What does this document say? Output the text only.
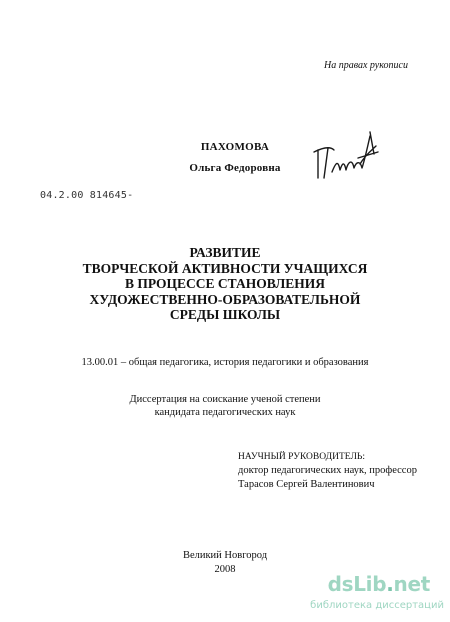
На правах рукописи
ПАХОМОВА
Ольга Федоровна
04.2.00 814645-
РАЗВИТИЕ
ТВОРЧЕСКОЙ АКТИВНОСТИ УЧАЩИХСЯ
В ПРОЦЕССЕ СТАНОВЛЕНИЯ
ХУДОЖЕСТВЕННО-ОБРАЗОВАТЕЛЬНОЙ
СРЕДЫ ШКОЛЫ
13.00.01 – общая педагогика, история педагогики и образования
Диссертация на соискание ученой степени
кандидата педагогических наук
НАУЧНЫЙ РУКОВОДИТЕЛЬ:
доктор педагогических наук, профессор
Тарасов Сергей Валентинович
Великий Новгород
2008
dsLib.net
библиотека диссертаций
